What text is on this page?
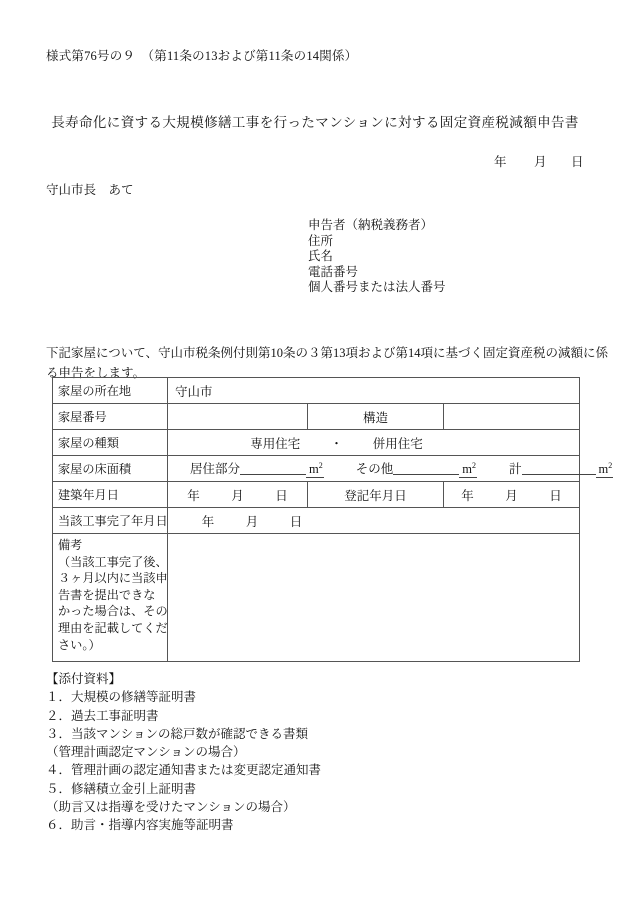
様式第76号の９　（第11条の13および第11条の14関係）
長寿命化に資する大規模修繕工事を行ったマンションに対する固定資産税減額申告書
年 月 日
守山市長　あて
申告者（納税義務者）
住所
氏名
電話番号
個人番号または法人番号
下記家屋について、守山市税条例付則第10条の３第13項および第14項に基づく固定資産税の減額に係
る申告をします。
家屋の所在地	守山市		
家屋番号		構造	
家屋の種類	専用住宅 ・ 併用住宅		

家屋の床面積	居住部分 $m^2$ その他 $m^2$ 計 $m^2$

建築年月日	年 月 日	登記年月日	年 月 日

当該工事完了年月日	年 月 日		

備考
（当該工事完了後、
３ヶ月以内に当該申
告書を提出できな
かった場合は、その
理由を記載してくだ
さい。）

【添付資料】
１．大規模の修繕等証明書
２．過去工事証明書
３．当該マンションの総戸数が確認できる書類
（管理計画認定マンションの場合）
４．管理計画の認定通知書または変更認定通知書
５．修繕積立金引上証明書
（助言又は指導を受けたマンションの場合）
６．助言・指導内容実施等証明書
